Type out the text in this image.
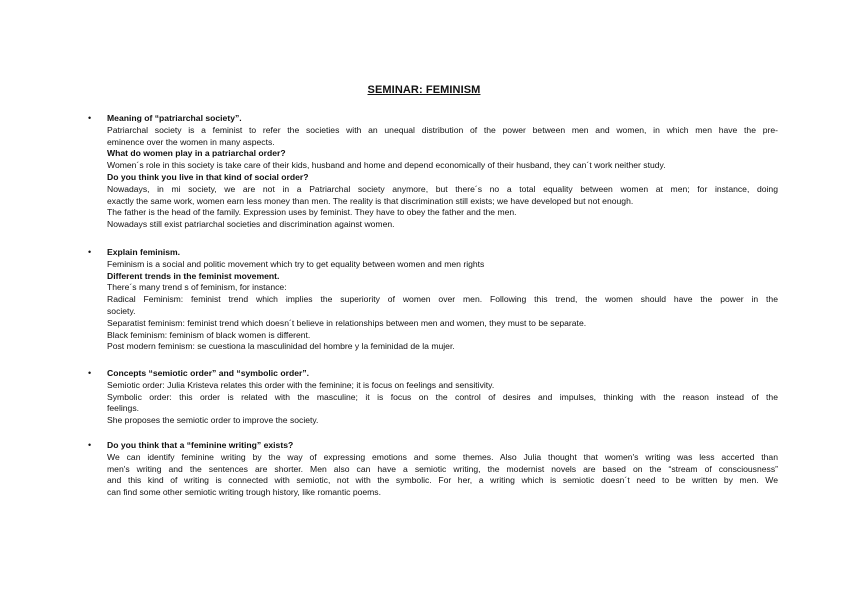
SEMINAR: FEMINISM
• Meaning of “patriarchal society”.
Patriarchal society is a feminist to refer the societies with an unequal distribution of the power between men and women, in which men have the pre-
eminence over the women in many aspects.
What do women play in a patriarchal order?
Women´s role in this society is take care of their kids, husband and home and depend economically of their husband, they can´t work neither study.
Do you think you live in that kind of social order?
Nowadays, in mi society, we are not in a Patriarchal society anymore, but there´s no a total equality between women at men; for instance, doing
exactly the same work, women earn less money than men. The reality is that discrimination still exists; we have developed but not enough.
The father is the head of the family. Expression uses by feminist. They have to obey the father and the men.
Nowadays still exist patriarchal societies and discrimination against women.
• Explain feminism.
Feminism is a social and politic movement which try to get equality between women and men rights
Different trends in the feminist movement.
There´s many trend s of feminism, for instance:
Radical Feminism: feminist trend which implies the superiority of women over men. Following this trend, the women should have the power in the
society.
Separatist feminism: feminist trend which doesn´t believe in relationships between men and women, they must to be separate.
Black feminism: feminism of black women is different.
Post modern feminism: se cuestiona la masculinidad del hombre y la feminidad de la mujer.
• Concepts “semiotic order” and “symbolic order”.
Semiotic order: Julia Kristeva relates this order with the feminine; it is focus on feelings and sensitivity.
Symbolic order: this order is related with the masculine; it is focus on the control of desires and impulses, thinking with the reason instead of the
feelings.
She proposes the semiotic order to improve the society.
• Do you think that a “feminine writing” exists?
We can identify feminine writing by the way of expressing emotions and some themes. Also Julia thought that women's writing was less accerted than
men's writing and the sentences are shorter. Men also can have a semiotic writing, the modernist novels are based on the “stream of consciousness”
and this kind of writing is connected with semiotic, not with the symbolic. For her, a writing which is semiotic doesn´t need to be written by men. We
can find some other semiotic writing trough history, like romantic poems.
